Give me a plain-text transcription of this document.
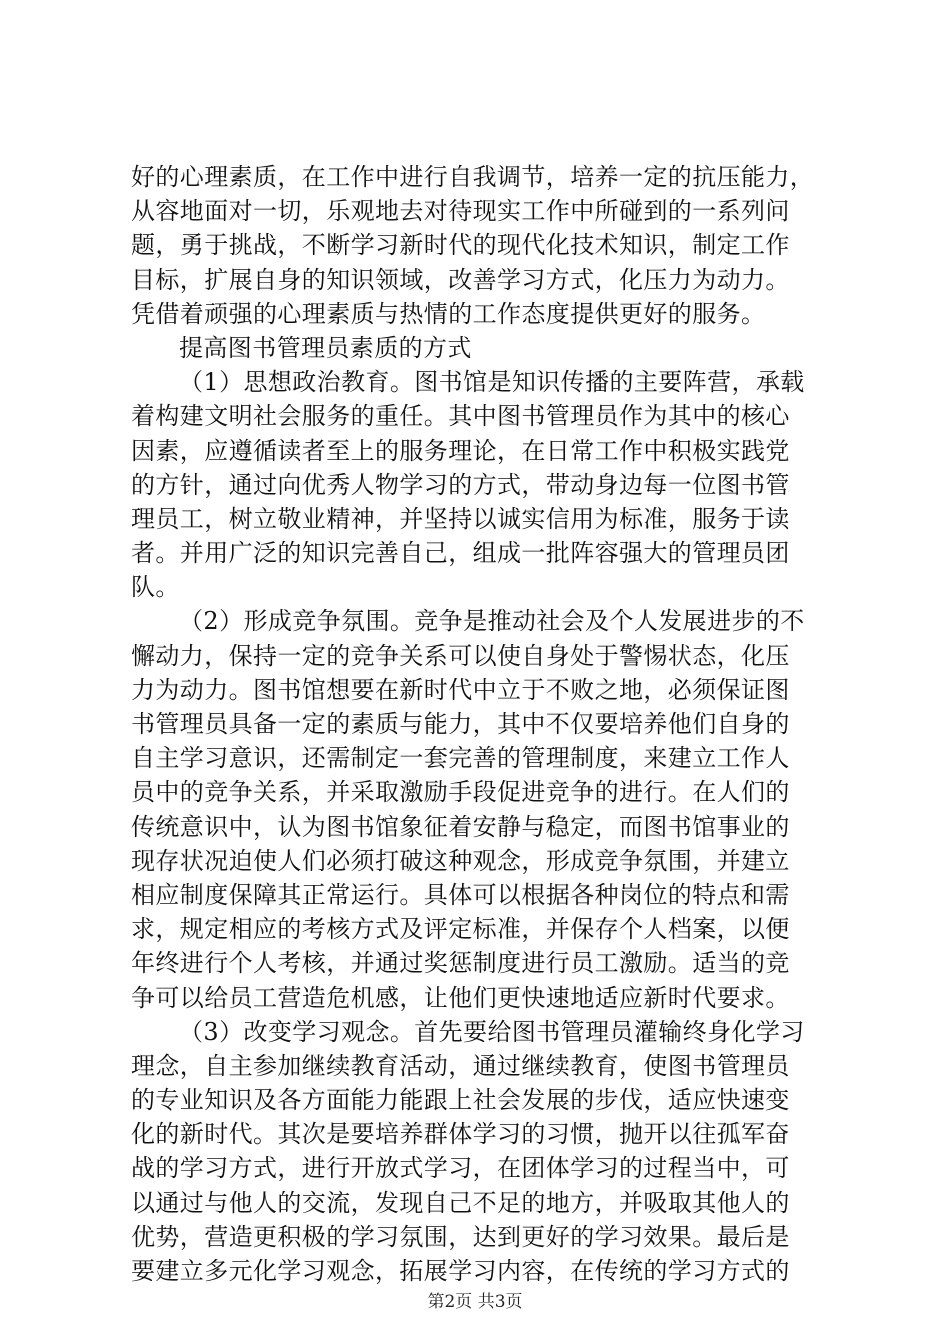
好的心理素质，在工作中进行自我调节，培养一定的抗压能力，
从容地面对一切，乐观地去对待现实工作中所碰到的一系列问
题，勇于挑战，不断学习新时代的现代化技术知识，制定工作
目标，扩展自身的知识领域，改善学习方式，化压力为动力。
凭借着顽强的心理素质与热情的工作态度提供更好的服务。
提高图书管理员素质的方式
（1）思想政治教育。图书馆是知识传播的主要阵营，承载
着构建文明社会服务的重任。其中图书管理员作为其中的核心
因素，应遵循读者至上的服务理论，在日常工作中积极实践党
的方针，通过向优秀人物学习的方式，带动身边每一位图书管
理员工，树立敬业精神，并坚持以诚实信用为标准，服务于读
者。并用广泛的知识完善自己，组成一批阵容强大的管理员团
队。
（2）形成竞争氛围。竞争是推动社会及个人发展进步的不
懈动力，保持一定的竞争关系可以使自身处于警惕状态，化压
力为动力。图书馆想要在新时代中立于不败之地，必须保证图
书管理员具备一定的素质与能力，其中不仅要培养他们自身的
自主学习意识，还需制定一套完善的管理制度，来建立工作人
员中的竞争关系，并采取激励手段促进竞争的进行。在人们的
传统意识中，认为图书馆象征着安静与稳定，而图书馆事业的
现存状况迫使人们必须打破这种观念，形成竞争氛围，并建立
相应制度保障其正常运行。具体可以根据各种岗位的特点和需
求，规定相应的考核方式及评定标准，并保存个人档案，以便
年终进行个人考核，并通过奖惩制度进行员工激励。适当的竞
争可以给员工营造危机感，让他们更快速地适应新时代要求。
（3）改变学习观念。首先要给图书管理员灌输终身化学习
理念，自主参加继续教育活动，通过继续教育，使图书管理员
的专业知识及各方面能力能跟上社会发展的步伐，适应快速变
化的新时代。其次是要培养群体学习的习惯，抛开以往孤军奋
战的学习方式，进行开放式学习，在团体学习的过程当中，可
以通过与他人的交流，发现自己不足的地方，并吸取其他人的
优势，营造更积极的学习氛围，达到更好的学习效果。最后是
要建立多元化学习观念，拓展学习内容，在传统的学习方式的
第2页 共3页
